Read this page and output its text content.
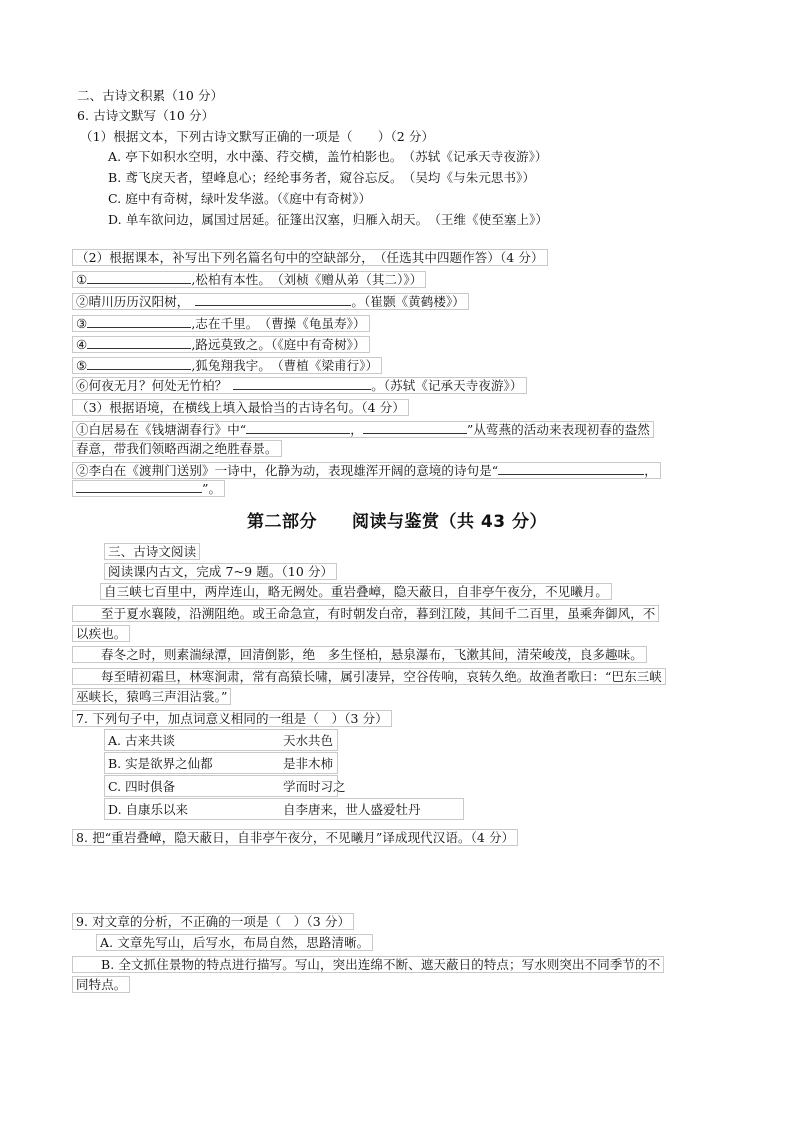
二、古诗文积累（10 分）
6. 古诗文默写（10 分）
（1）根据文本，下列古诗文默写正确的一项是（　　）（2 分）
A. 亭下如积水空明，水中藻、荇交横，盖竹柏影也。　（苏轼《记承天寺夜游》）
B. 鸢飞戾天者，望峰息心；经纶事务者，窥谷忘反。　（吴均《与朱元思书》）
C. 庭中有奇树，绿叶发华滋。（《庭中有奇树》）
D. 单车欲问边，属国过居延。征篷出汉塞，归雁入胡天。　（王维《使至塞上》）
（2）根据课本，补写出下列名篇名句中的空缺部分，　（任选其中四题作答）（4 分）
①	,松柏有本性。　（刘桢《赠从弟（其二）》）
②晴川历历汉阳树，	。（崔颢《黄鹤楼》）
③	,志在千里。　（曹操《龟虽寿》）
④	,路远莫致之。（《庭中有奇树》）
⑤	,狐兔翔我宇。　（曹植《梁甫行》）
⑥何夜无月？何处无竹柏？	。（苏轼《记承天寺夜游》）
（3）根据语境，在横线上填入最恰当的古诗名句。（4 分）
①白居易在《钱塘湖春行》中“	，	”从莺燕的活动来表现初春的盎然
春意，带我们领略西湖之绝胜春景。
②李白在《渡荆门送别》一诗中，化静为动，表现雄浑开阔的意境的诗句是“	，
”。
第二部分　　阅读与鉴赏（共 43 分）
三、古诗文阅读
阅读课内古文，完成 7~9 题。（10 分）
自三峡七百里中，两岸连山，略无阙处。重岩叠嶂，隐天蔽日，自非亭午夜分，不见曦月。
至于夏水襄陵，沿溯阻绝。或王命急宣，有时朝发白帝，暮到江陵，其间千二百里，虽乘奔御风，不
以疾也。
春冬之时，则素湍绿潭，回清倒影，绝　多生怪柏，悬泉瀑布，飞漱其间，清荣峻茂，良多趣味。
每至晴初霜旦，林寒涧肃，常有高猿长啸，属引凄异，空谷传响，哀转久绝。故渔者歌曰：“巴东三峡
巫峡长，猿鸣三声泪沾裳。”
7. 下列句子中，加点词意义相同的一组是（　）（3 分）
A. 古来共谈	天水共色
B. 实是欲界之仙都	是非木柿
C. 四时俱备	学而时习之
D. 自康乐以来	自李唐来，世人盛爱牡丹
8. 把“重岩叠嶂，隐天蔽日，自非亭午夜分，不见曦月”译成现代汉语。（4 分）
9. 对文章的分析，不正确的一项是（　）（3 分）
A. 文章先写山，后写水，布局自然，思路清晰。
B. 全文抓住景物的特点进行描写。写山，突出连绵不断、遮天蔽日的特点；写水则突出不同季节的不
同特点。
